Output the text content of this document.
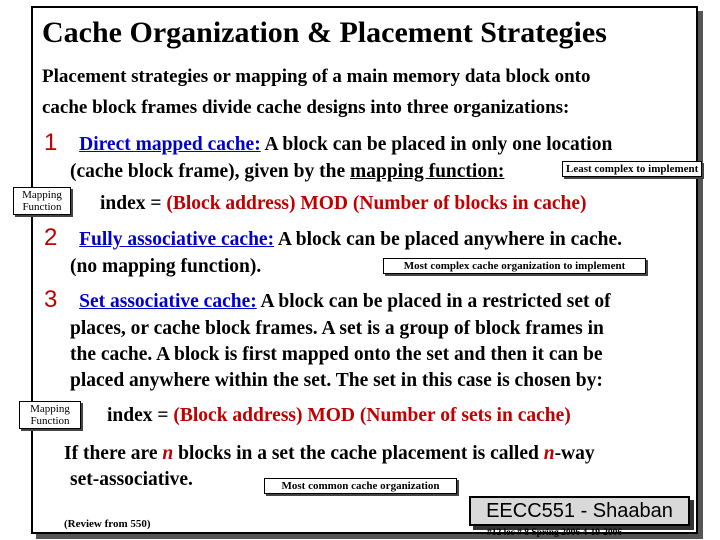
Cache Organization & Placement Strategies
Placement strategies or mapping of a main memory data block onto
cache block frames divide cache designs into three organizations:
1 Direct mapped cache: A block can be placed in only one location
(cache block frame), given by the mapping function:	Least complex to implement
Mapping Function	index = (Block address) MOD (Number of blocks in cache)
2 Fully associative cache: A block can be placed anywhere in cache.
(no mapping function).	Most complex cache organization to implement
3 Set associative cache: A block can be placed in a restricted set of
places, or cache block frames. A set is a group of block frames in
the cache. A block is first mapped onto the set and then it can be
placed anywhere within the set. The set in this case is chosen by:
Mapping Function	index = (Block address) MOD (Number of sets in cache)
If there are n blocks in a set the cache placement is called n-way
set-associative.	Most common cache organization
(Review from 550)
EECC551 - Shaaban
#12 lec # 8 Spring 2006 4-19-2006
